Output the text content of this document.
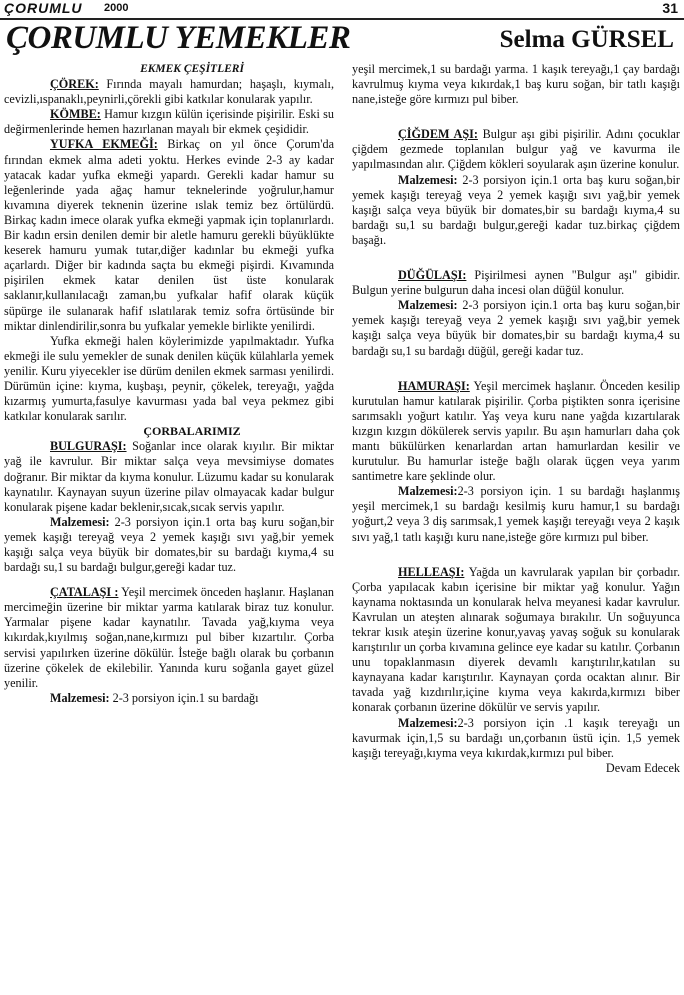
ÇORUMLU 2000	31
ÇORUMLU YEMEKLER	Selma GÜRSEL

EKMEK ÇEŞİTLERİ

ÇÖREK: Fırında mayalı hamurdan; haşaşlı, kıymalı, cevizli,ıspanaklı,peynirli,çörekli gibi katkılar konularak yapılır.

KÖMBE: Hamur kızgın külün içerisinde pişirilir. Eski su değirmenlerinde hemen hazırlanan mayalı bir ekmek çeşididir.

YUFKA EKMEĞİ: Birkaç on yıl önce Çorum'da fırından ekmek alma adeti yoktu. Herkes evinde 2-3 ay kadar yatacak kadar yufka ekmeği yapardı. Gerekli kadar hamur su leğenlerinde yada ağaç hamur teknelerinde yoğrulur,hamur kıvamına diyerek teknenin üzerine ıslak temiz bez örtülürdü. Birkaç kadın imece olarak yufka ekmeği yapmak için toplanırlardı. Bir kadın ersin denilen demir bir aletle hamuru gerekli büyüklükte keserek hamuru yumak tutar,diğer kadınlar bu ekmeği yufka açarlardı. Diğer bir kadında saçta bu ekmeği pişirdi. Kıvamında pişirilen ekmek katar denilen üst üste konularak saklanır,kullanılacağı zaman,bu yufkalar hafif olarak küçük süpürge ile sulanarak hafif ıslatılarak temiz sofra örtüsünde bir miktar dinlendirilir,sonra bu yufkalar yemekle birlikte yenilirdi.

Yufka ekmeği halen köylerimizde yapılmaktadır. Yufka ekmeği ile sulu yemekler de sunak denilen küçük külahlarla yemek yenilir. Kuru yiyecekler ise dürüm denilen ekmek sarması yenilirdi. Dürümün içine: kıyma, kuşbaşı, peynir, çökelek, tereyağı, yağda kızarmış yumurta,fasulye kavurması yada bal veya pekmez gibi katkılar konularak sarılır.

ÇORBALARIMIZ

BULGURAŞI: Soğanlar ince olarak kıyılır. Bir miktar yağ ile kavrulur. Bir miktar salça veya mevsimiyse domates doğranır. Bir miktar da kıyma konulur. Lüzumu kadar su konularak kaynatılır. Kaynayan suyun üzerine pilav olmayacak kadar bulgur konularak pişene kadar beklenir,sıcak,sıcak servis yapılır.

Malzemesi: 2-3 porsiyon için.1 orta baş kuru soğan,bir yemek kaşığı tereyağ veya 2 yemek kaşığı sıvı yağ,bir yemek kaşığı salça veya büyük bir domates,bir su bardağı kıyma,4 su bardağı su,1 su bardağı bulgur,gereği kadar tuz.

ÇATALAŞI : Yeşil mercimek önceden haşlanır. Haşlanan mercimeğin üzerine bir miktar yarma katılarak biraz tuz konulur. Yarmalar pişene kadar kaynatılır. Tavada yağ,kıyma veya kıkırdak,kıyılmış soğan,nane,kırmızı pul biber kızartılır. Çorba servisi yapılırken üzerine dökülür. İsteğe bağlı olarak bu çorbanın üzerine çökelek de ekilebilir. Yanında kuru soğanla gayet güzel yenilir.

Malzemesi: 2-3 porsiyon için.1 su bardağı

yeşil mercimek,1 su bardağı yarma. 1 kaşık tereyağı,1 çay bardağı kavrulmuş kıyma veya kıkırdak,1 baş kuru soğan, bir tatlı kaşığı nane,isteğe göre kırmızı pul biber.

ÇİĞDEM AŞI: Bulgur aşı gibi pişirilir. Adını çocuklar çiğdem gezmede toplanılan bulgur yağ ve kavurma ile yapılmasından alır. Çiğdem kökleri soyularak aşın üzerine konulur.

Malzemesi: 2-3 porsiyon için.1 orta baş kuru soğan,bir yemek kaşığı tereyağ veya 2 yemek kaşığı sıvı yağ,bir yemek kaşığı salça veya büyük bir domates,bir su bardağı kıyma,4 su bardağı su,1 su bardağı bulgur,gereği kadar tuz.birkaç çiğdem başağı.

DÜĞÜLAŞI: Pişirilmesi aynen "Bulgur aşı" gibidir. Bulgun yerine bulgurun daha incesi olan düğül konulur.

Malzemesi: 2-3 porsiyon için.1 orta baş kuru soğan,bir yemek kaşığı tereyağ veya 2 yemek kaşığı sıvı yağ,bir yemek kaşığı salça veya büyük bir domates,bir su bardağı kıyma,4 su bardağı su,1 su bardağı düğül, gereği kadar tuz.

HAMURAŞI: Yeşil mercimek haşlanır. Önceden kesilip kurutulan hamur katılarak pişirilir. Çorba piştikten sonra içerisine sarımsaklı yoğurt katılır. Yaş veya kuru nane yağda kızartılarak kızgın kızgın dökülerek servis yapılır. Bu aşın hamurları daha çok mantı bükülürken kenarlardan artan hamurlardan kesilir ve kurutulur. Bu hamurlar isteğe bağlı olarak üçgen veya yarım santimetre kare şeklinde olur.

Malzemesi:2-3 porsiyon için. 1 su bardağı haşlanmış yeşil mercimek,1 su bardağı kesilmiş kuru hamur,1 su bardağı yoğurt,2 veya 3 diş sarımsak,1 yemek kaşığı tereyağı veya 2 kaşık sıvı yağ,1 tatlı kaşığı kuru nane,isteğe göre kırmızı pul biber.

HELLEAŞI: Yağda un kavrularak yapılan bir çorbadır. Çorba yapılacak kabın içerisine bir miktar yağ konulur. Yağın kaynama noktasında un konularak helva meyanesi kadar kavrulur. Kavrulan un ateşten alınarak soğumaya bırakılır. Un soğuyunca tekrar kısık ateşin üzerine konur,yavaş yavaş soğuk su konularak karıştırılır un çorba kıvamına gelince eye kadar su katılır. Çorbanın unu topaklanmasın diyerek devamlı karıştırılır,katılan su kaynayana kadar karıştırılır. Kaynayan çorda ocaktan alınır. Bir tavada yağ kızdırılır,içine kıyma veya kakırda,kırmızı biber konarak çorbanın üzerine dökülür ve servis yapılır.

Malzemesi:2-3 porsiyon için .1 kaşık tereyağı un kavurmak için,1,5 su bardağı un,çorbanın üstü için. 1,5 yemek kaşığı tereyağı,kıyma veya kıkırdak,kırmızı pul biber.

Devam Edecek
